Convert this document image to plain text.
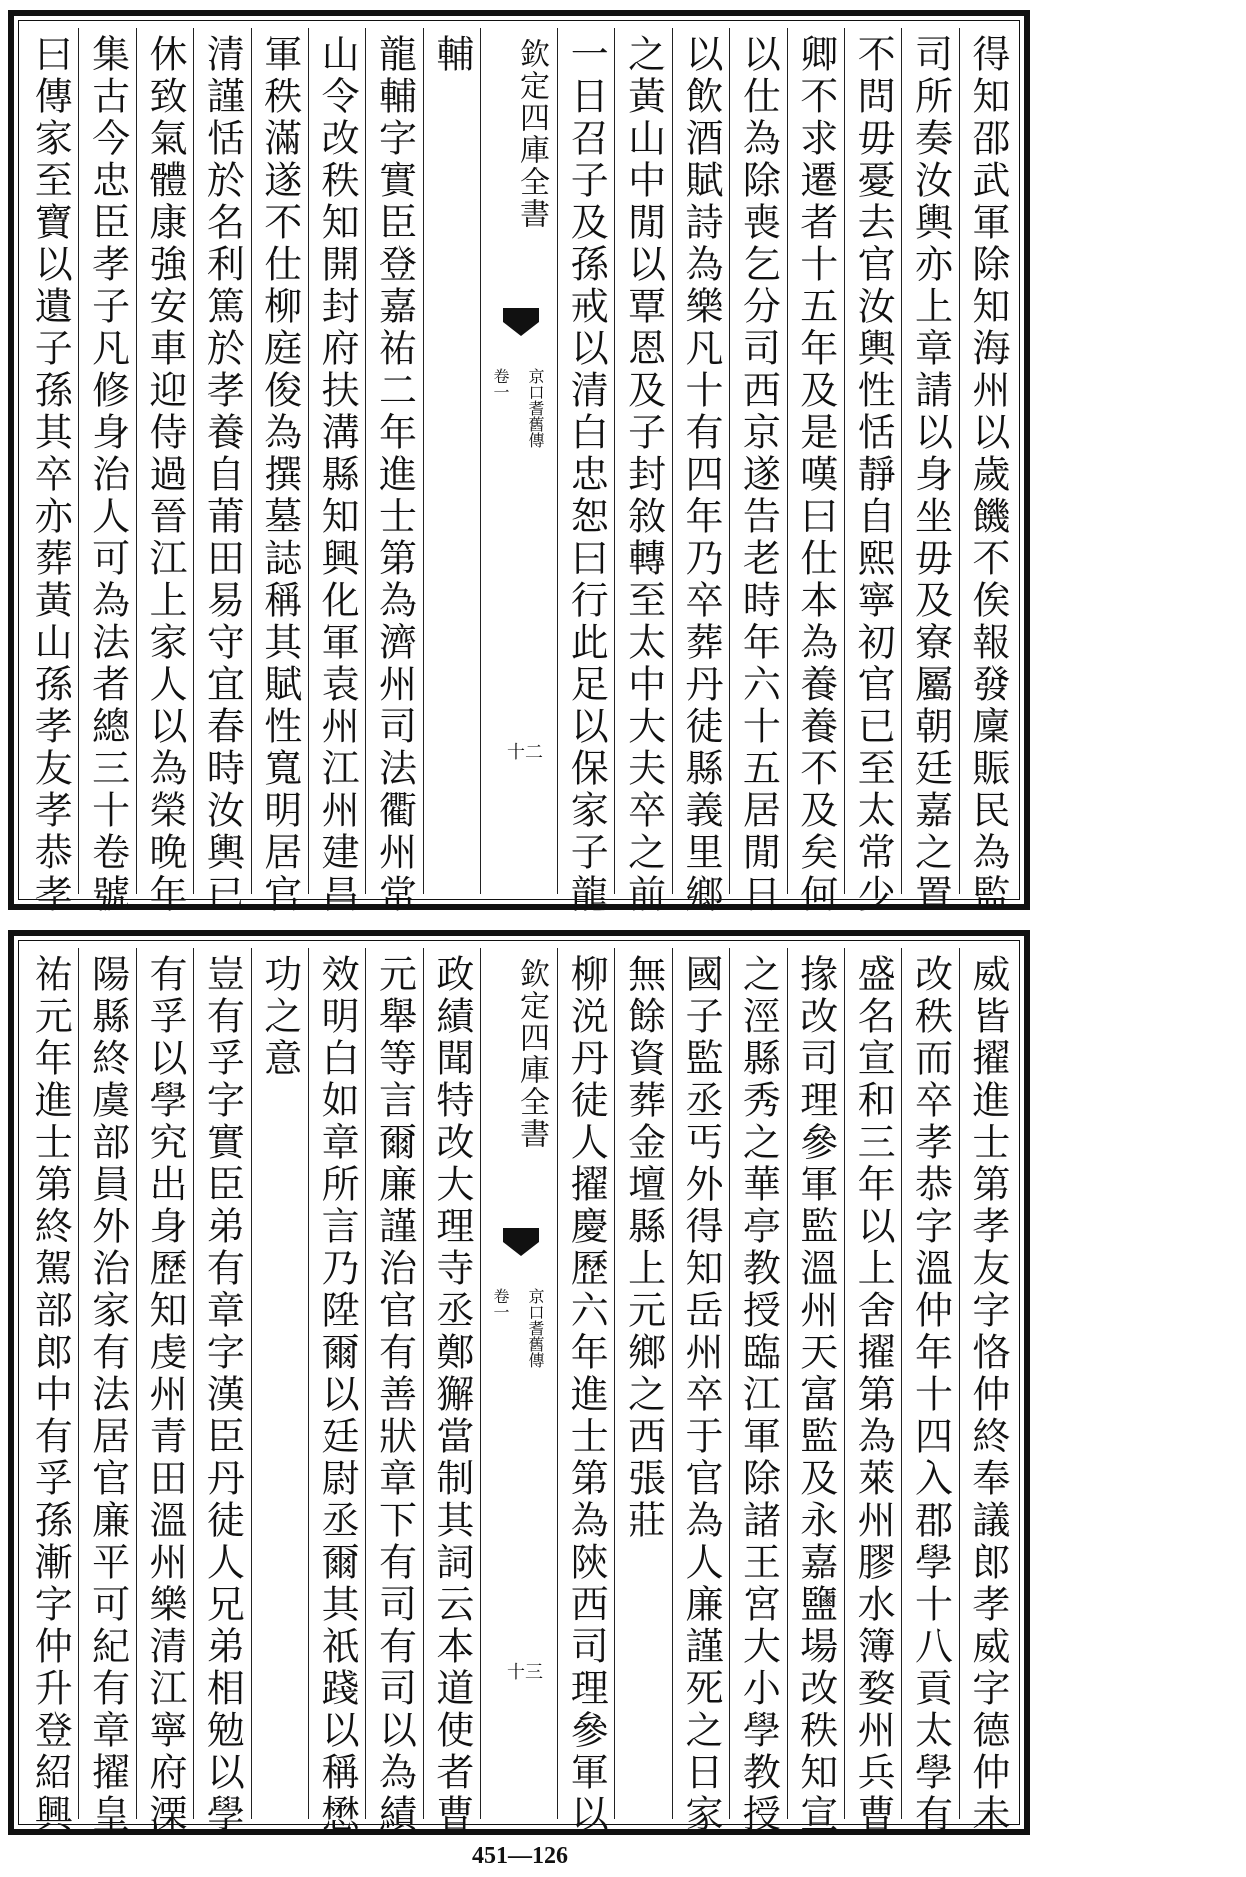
得知邵武軍除知海州以歲饑不俟報發廩賑民為監
司所奏汝輿亦上章請以身坐毋及寮屬朝廷嘉之置
不問毋憂去官汝輿性恬靜自熙寧初官已至太常少
卿不求遷者十五年及是嘆曰仕本為養養不及矣何
以仕為除喪乞分司西京遂告老時年六十五居閒日
以飲酒賦詩為樂凡十有四年乃卒葬丹徒縣義里鄉
之黃山中閒以覃恩及子封敘轉至太中大夫卒之前
一日召子及孫戒以清白忠恕曰行此足以保家子龍
欽定四庫全書
京口耆舊傳
卷一
十二
輔
龍輔字實臣登嘉祐二年進士第為濟州司法衢州常
山令改秩知開封府扶溝縣知興化軍袁州江州建昌
軍秩滿遂不仕柳庭俊為撰墓誌稱其賦性寬明居官
清謹恬於名利篤於孝養自莆田易守宜春時汝輿已
休致氣體康強安車迎侍過晉江上家人以為榮晚年
集古今忠臣孝子凡修身治人可為法者總三十卷號
曰傳家至寶以遺子孫其卒亦葬黃山孫孝友孝恭孝
威皆擢進士第孝友字恪仲終奉議郎孝威字德仲未
改秩而卒孝恭字溫仲年十四入郡學十八貢太學有
盛名宣和三年以上舍擢第為萊州膠水簿婺州兵曹
掾改司理參軍監溫州天富監及永嘉鹽場改秩知宣
之涇縣秀之華亭教授臨江軍除諸王宮大小學教授
國子監丞丐外得知岳州卒于官為人廉謹死之日家
無餘資葬金壇縣上元鄉之西張莊
柳涚丹徒人擢慶歷六年進士第為陝西司理參軍以
欽定四庫全書
京口耆舊傳
卷一
十三
政績聞特改大理寺丞鄭獬當制其詞云本道使者曹
元舉等言爾廉謹治官有善狀章下有司有司以為績
效明白如章所言乃陞爾以廷尉丞爾其祇踐以稱懋
功之意
豈有孚字實臣弟有章字漢臣丹徒人兄弟相勉以學
有孚以學究出身歷知虔州青田溫州樂清江寧府溧
陽縣終虞部員外治家有法居官廉平可紀有章擢皇
祐元年進士第終駕部郎中有孚孫漸字仲升登紹興
451—126
